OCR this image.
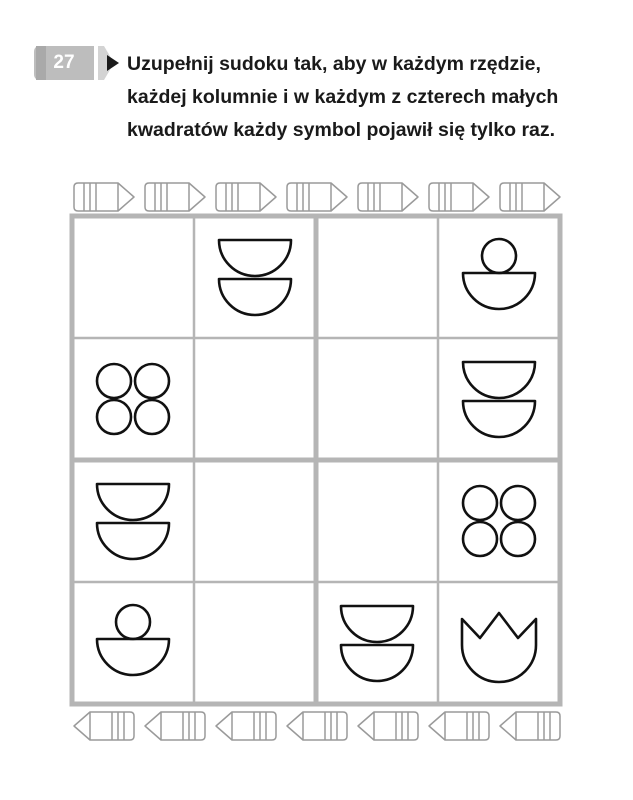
27	Uzupełnij sudoku tak, aby w każdym rzędzie,
każdej kolumnie i w każdym z czterech małych
kwadratów każdy symbol pojawił się tylko raz.
